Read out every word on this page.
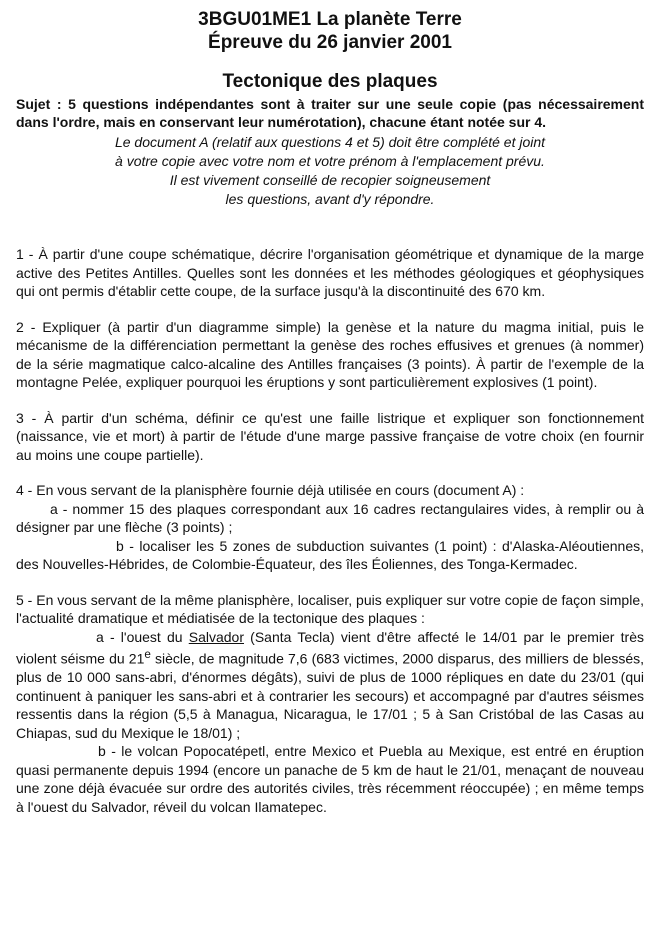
3BGU01ME1 La planète Terre
Épreuve du 26 janvier 2001
Tectonique des plaques

Sujet : 5 questions indépendantes sont à traiter sur une seule copie (pas nécessairement dans l'ordre, mais en conservant leur numérotation), chacune étant notée sur 4.

Le document A (relatif aux questions 4 et 5) doit être complété et joint
à votre copie avec votre nom et votre prénom à l'emplacement prévu.
Il est vivement conseillé de recopier soigneusement
les questions, avant d'y répondre.

1 - À partir d'une coupe schématique, décrire l'organisation géométrique et dynamique de la marge active des Petites Antilles. Quelles sont les données et les méthodes géologiques et géophysiques qui ont permis d'établir cette coupe, de la surface jusqu'à la discontinuité des 670 km.

2 - Expliquer (à partir d'un diagramme simple) la genèse et la nature du magma initial, puis le mécanisme de la différenciation permettant la genèse des roches effusives et grenues (à nommer) de la série magmatique calco-alcaline des Antilles françaises (3 points). À partir de l'exemple de la montagne Pelée, expliquer pourquoi les éruptions y sont particulièrement explosives (1 point).

3 - À partir d'un schéma, définir ce qu'est une faille listrique et expliquer son fonctionnement (naissance, vie et mort) à partir de l'étude d'une marge passive française de votre choix (en fournir au moins une coupe partielle).

4 - En vous servant de la planisphère fournie déjà utilisée en cours (document A) :

a - nommer 15 des plaques correspondant aux 16 cadres rectangulaires vides, à remplir ou à désigner par une flèche (3 points) ;

b - localiser les 5 zones de subduction suivantes (1 point) : d'Alaska-Aléoutiennes, des Nouvelles-Hébrides, de Colombie-Équateur, des îles Éoliennes, des Tonga-Kermadec.

5 - En vous servant de la même planisphère, localiser, puis expliquer sur votre copie de façon simple, l'actualité dramatique et médiatisée de la tectonique des plaques :

a - l'ouest du Salvador (Santa Tecla) vient d'être affecté le 14/01 par le premier très violent séisme du 21e siècle, de magnitude 7,6 (683 victimes, 2000 disparus, des milliers de blessés, plus de 10 000 sans-abri, d'énormes dégâts), suivi de plus de 1000 répliques en date du 23/01 (qui continuent à paniquer les sans-abri et à contrarier les secours) et accompagné par d'autres séismes ressentis dans la région (5,5 à Managua, Nicaragua, le 17/01 ; 5 à San Cristóbal de las Casas au Chiapas, sud du Mexique le 18/01) ;

b - le volcan Popocatépetl, entre Mexico et Puebla au Mexique, est entré en éruption quasi permanente depuis 1994 (encore un panache de 5 km de haut le 21/01, menaçant de nouveau une zone déjà évacuée sur ordre des autorités civiles, très récemment réoccupée) ; en même temps à l'ouest du Salvador, réveil du volcan Ilamatepec.
